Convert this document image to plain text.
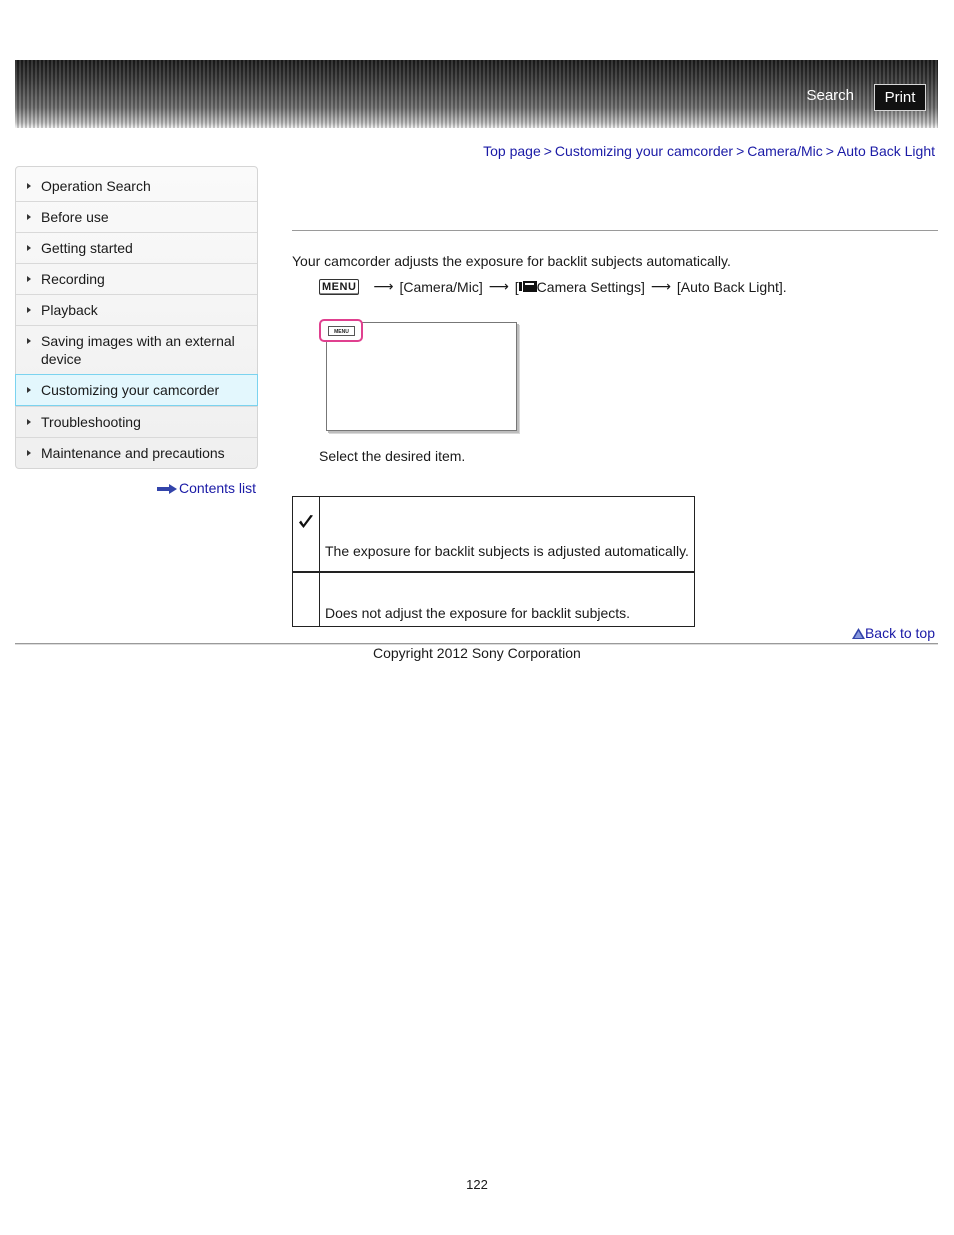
Search	Print
Top page > Customizing your camcorder > Camera/Mic > Auto Back Light
Operation Search
Before use
Getting started
Recording
Playback
Saving images with an external device
Customizing your camcorder
Troubleshooting
Maintenance and precautions
Contents list
Your camcorder adjusts the exposure for backlit subjects automatically.
MENU ⟶ [Camera/Mic] ⟶ [ Camera Settings] ⟶ [Auto Back Light].
MENU
Select the desired item.
	The exposure for backlit subjects is adjusted automatically.
	Does not adjust the exposure for backlit subjects.
Back to top
Copyright 2012 Sony Corporation
122
